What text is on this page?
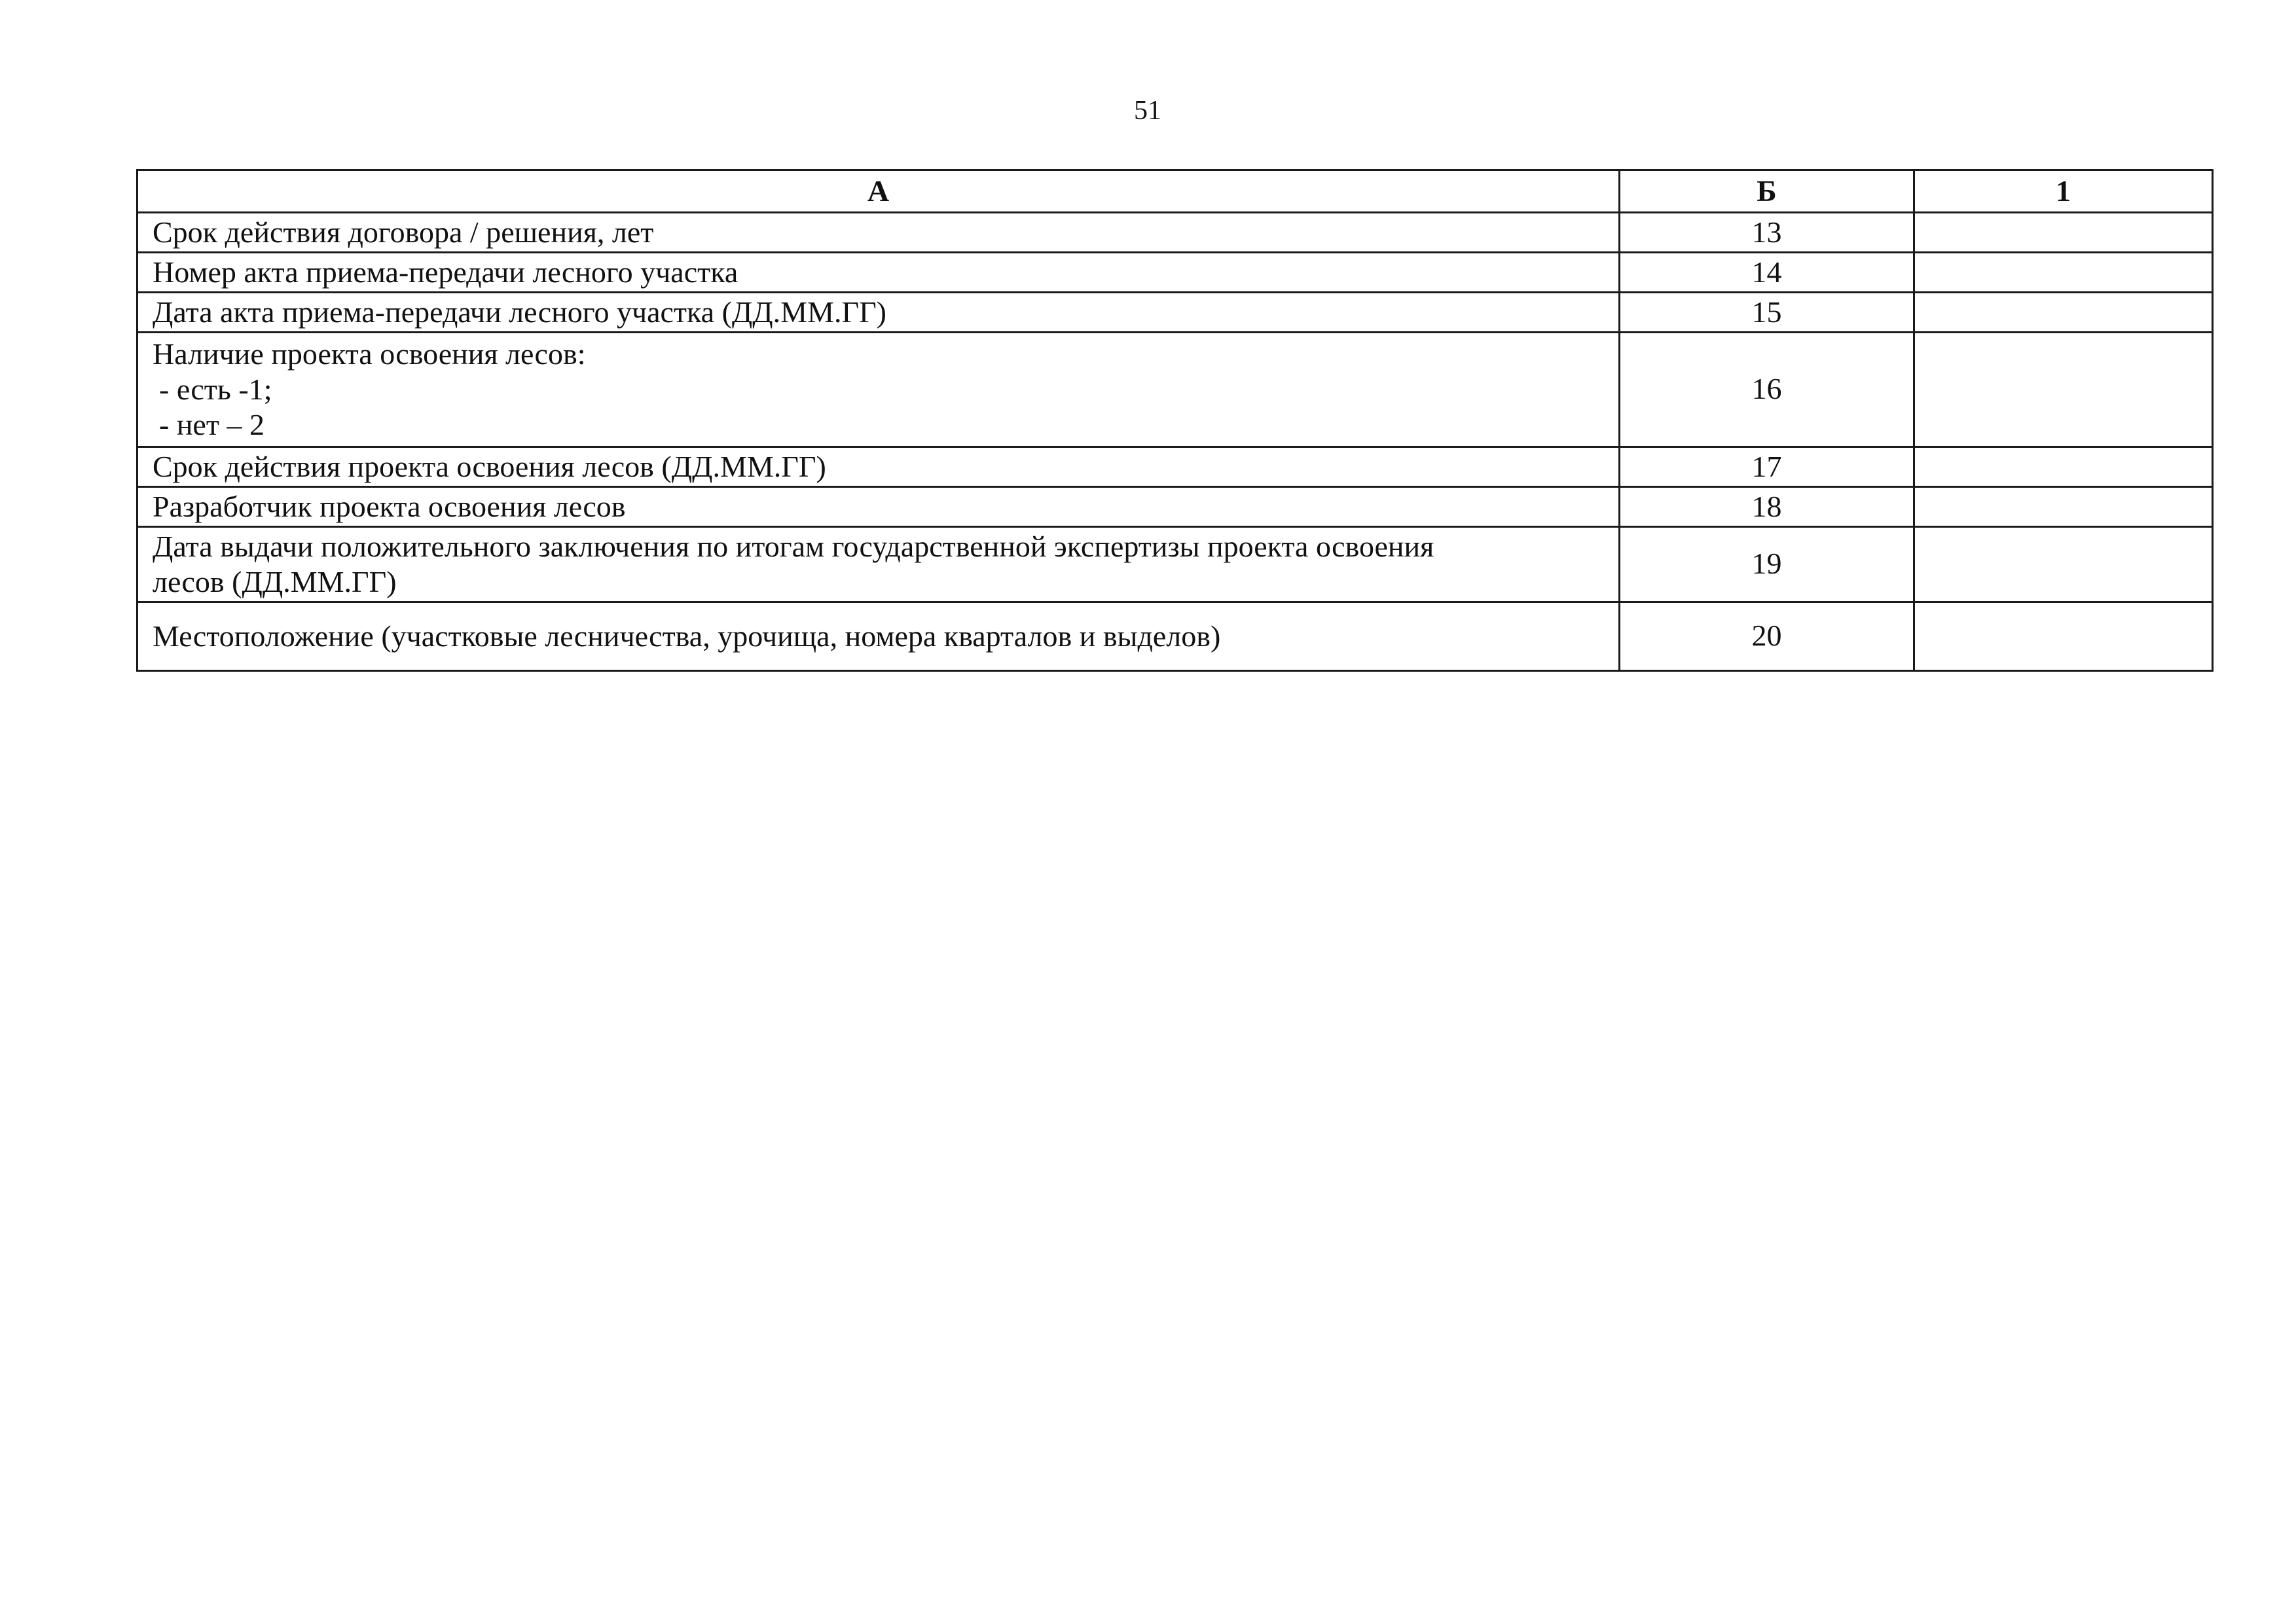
51
А	Б	1

Срок действия договора / решения, лет	13	

Номер акта приема-передачи лесного участка	14	

Дата акта приема-передачи лесного участка (ДД.ММ.ГГ)	15	

Наличие проекта освоения лесов:
- есть -1;
- нет – 2	16	

Срок действия проекта освоения лесов (ДД.ММ.ГГ)	17	

Разработчик проекта освоения лесов	18	

Дата выдачи положительного заключения по итогам государственной экспертизы проекта освоения
лесов (ДД.ММ.ГГ)	19	

Местоположение (участковые лесничества, урочища, номера кварталов и выделов)	20	
